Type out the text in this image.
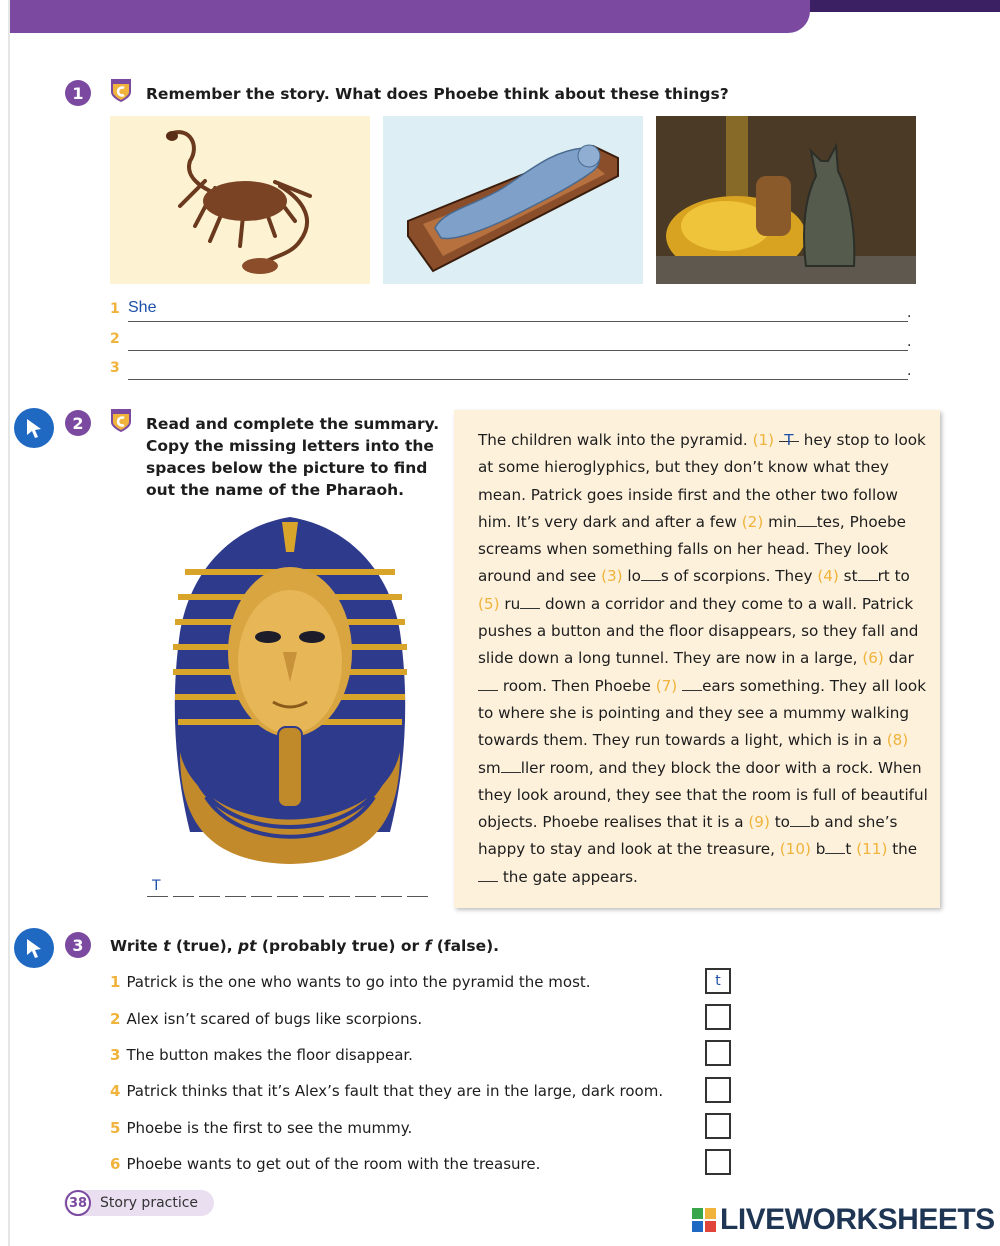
1	Remember the story. What does Phoebe think about these things?
1 She	.
2	.
3	.
2	Read and complete the summary. Copy the missing letters into the spaces below the picture to find out the name of the Pharaoh.
T
The children walk into the pyramid. (1) T hey stop to look at some hieroglyphics, but they don’t know what they mean. Patrick goes inside first and the other two follow him. It’s very dark and after a few (2) min tes, Phoebe screams when something falls on her head. They look around and see (3) lo s of scorpions. They (4) st rt to (5) ru down a corridor and they come to a wall. Patrick pushes a button and the floor disappears, so they fall and slide down a long tunnel. They are now in a large, (6) dar room. Then Phoebe (7) ears something. They all look to where she is pointing and they see a mummy walking towards them. They run towards a light, which is in a (8) sm ller room, and they block the door with a rock. When they look around, they see that the room is full of beautiful objects. Phoebe realises that it is a (9) to b and she’s happy to stay and look at the treasure, (10) b t (11) the the gate appears.
3	Write t (true), pt (probably true) or f (false).
1 Patrick is the one who wants to go into the pyramid the most.	t
2 Alex isn’t scared of bugs like scorpions.
3 The button makes the floor disappear.
4 Patrick thinks that it’s Alex’s fault that they are in the large, dark room.
5 Phoebe is the first to see the mummy.
6 Phoebe wants to get out of the room with the treasure.
38 Story practice	LIVEWORKSHEETS
